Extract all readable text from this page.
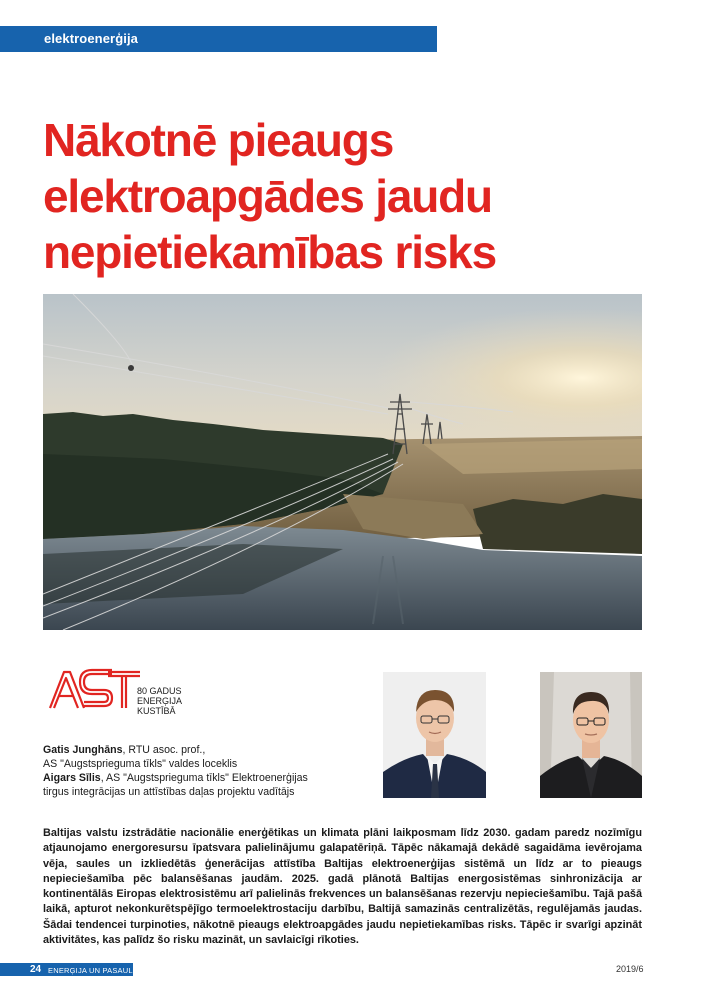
elektroenerģija
Nākotnē pieaugs
elektroapgādes jaudu
nepietiekamības risks
80 GADUS
ENERĢIJA
KUSTĪBĀ
Gatis Junghāns, RTU asoc. prof.,
AS "Augstsprieguma tīkls" valdes loceklis
Aigars Sīlis, AS "Augstsprieguma tīkls" Elektroenerģijas
tirgus integrācijas un attīstības daļas projektu vadītājs

Baltijas valstu izstrādātie nacionālie enerģētikas un klimata plāni laikposmam līdz 2030. gadam paredz nozīmīgu atjaunojamo energoresursu īpatsvara palielinājumu galapatēriņā. Tāpēc nākamajā dekādē sagaidāma ievērojama vēja, saules un izkliedētās ģenerācijas attīstība Baltijas elektroenerģijas sistēmā un līdz ar to pieaugs nepieciešamība pēc balansēšanas jaudām. 2025. gadā plānotā Baltijas energosistēmas sinhronizācija ar kontinentālās Eiropas elektrosistēmu arī palielinās frekvences un balansēšanas rezervju nepieciešamību. Tajā pašā laikā, apturot nekonkurētspējīgo termoelektrostaciju darbību, Baltijā samazinās centralizētās, regulējamās jaudas. Šādai tendencei turpinoties, nākotnē pieaugs elektroapgādes jaudu nepietiekamības risks. Tāpēc ir svarīgi apzināt aktivitātes, kas palīdz šo risku mazināt, un savlaicīgi rīkoties.

24 ENERĢIJA UN PASAULE	2019/6
